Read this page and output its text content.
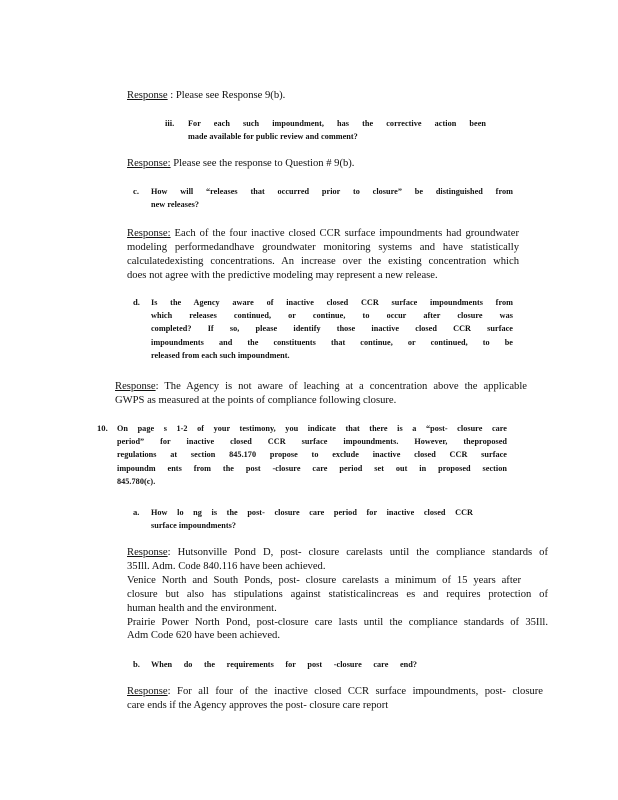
Response : Please see Response 9(b).
iii. For each such impoundment, has the corrective action been
made available for public review and comment?
Response: Please see the response to Question # 9(b).
c. How will “releases that occurred prior to closure” be distinguished from
new releases?
Response: Each of the four inactive closed CCR surface impoundments had groundwater
modeling performedandhave groundwater monitoring systems and have statistically
calculatedexisting concentrations. An increase over the existing concentration which
does not agree with the predictive modeling may represent a new release.
d. Is the Agency aware of inactive closed CCR surface impoundments from
which releases continued, or continue, to occur after closure was
completed? If so, please identify those inactive closed CCR surface
impoundments and the constituents that continue, or continued, to be
released from each such impoundment.
Response: The Agency is not aware of leaching at a concentration above the applicable
GWPS as measured at the points of compliance following closure.
10. On page s 1-2 of your testimony, you indicate that there is a “post- closure care
period” for inactive closed CCR surface impoundments. However, theproposed
regulations at section 845.170 propose to exclude inactive closed CCR surface
impoundm ents from the post -closure care period set out in proposed section
845.780(c).
a. How lo ng is the post- closure care period for inactive closed CCR
surface impoundments?
Response: Hutsonville Pond D, post- closure carelasts until the compliance standards of
35Ill. Adm. Code 840.116 have been achieved.
Venice North and South Ponds, post- closure carelasts a minimum of 15 years after
closure but also has stipulations against statisticalincreas es and requires protection of
human health and the environment.
Prairie Power North Pond, post-closure care lasts until the compliance standards of 35Ill.
Adm Code 620 have been achieved.
b. When do the requirements for post -closure care end?
Response: For all four of the inactive closed CCR surface impoundments, post- closure
care ends if the Agency approves the post- closure care report
